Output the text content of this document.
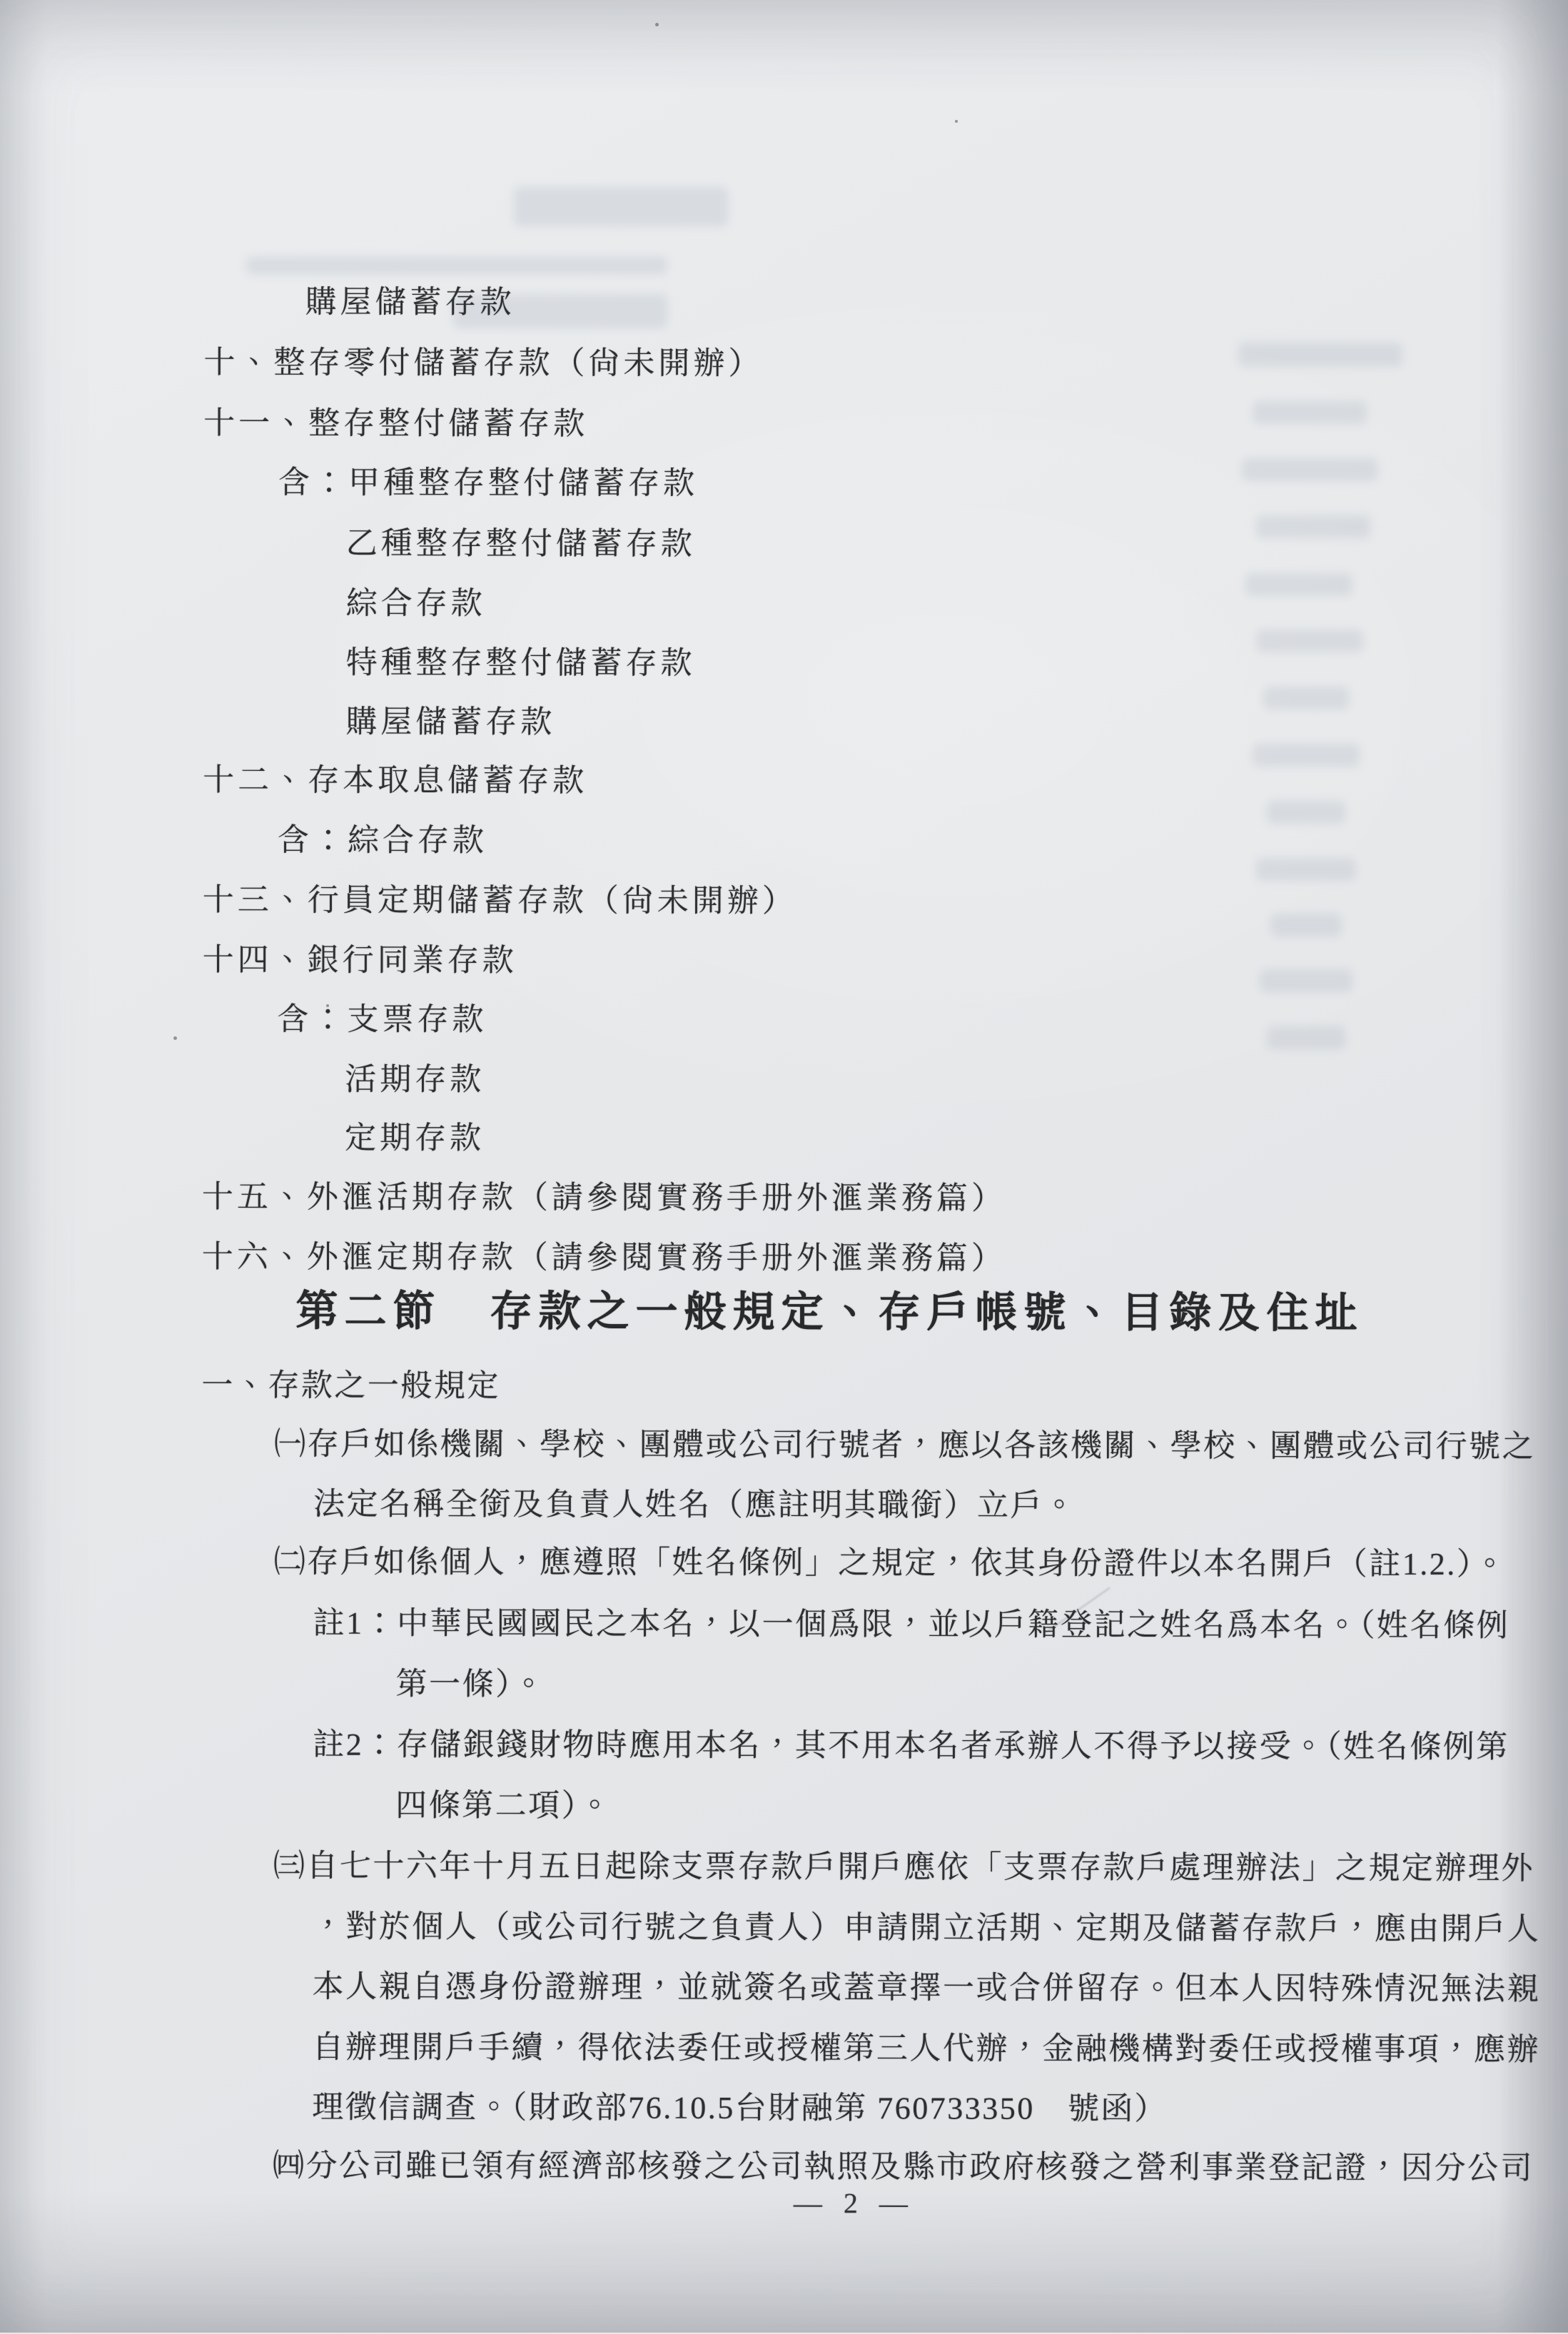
購屋儲蓄存款
十、整存零付儲蓄存款（尙未開辦）
十一、整存整付儲蓄存款
含：甲種整存整付儲蓄存款
乙種整存整付儲蓄存款
綜合存款
特種整存整付儲蓄存款
購屋儲蓄存款
十二、存本取息儲蓄存款
含：綜合存款
十三、行員定期儲蓄存款（尙未開辦）
十四、銀行同業存款
含：支票存款
活期存款
定期存款
十五、外滙活期存款（請參閱實務手册外滙業務篇）
十六、外滙定期存款（請參閱實務手册外滙業務篇）
第二節　存款之一般規定、存戶帳號、目錄及住址
一、存款之一般規定
㈠存戶如係機關、學校、團體或公司行號者，應以各該機關、學校、團體或公司行號之
法定名稱全銜及負責人姓名（應註明其職銜）立戶。
㈡存戶如係個人，應遵照「姓名條例」之規定，依其身份證件以本名開戶（註1.2.）。
註1：中華民國國民之本名，以一個爲限，並以戶籍登記之姓名爲本名。（姓名條例
第一條）。
註2：存儲銀錢財物時應用本名，其不用本名者承辦人不得予以接受。（姓名條例第
四條第二項）。
㈢自七十六年十月五日起除支票存款戶開戶應依「支票存款戶處理辦法」之規定辦理外
，對於個人（或公司行號之負責人）申請開立活期、定期及儲蓄存款戶，應由開戶人
本人親自憑身份證辦理，並就簽名或蓋章擇一或合併留存。但本人因特殊情況無法親
自辦理開戶手續，得依法委任或授權第三人代辦，金融機構對委任或授權事項，應辦
理徵信調查。（財政部76.10.5台財融第 760733350　號函）
㈣分公司雖已領有經濟部核發之公司執照及縣市政府核發之營利事業登記證，因分公司
— 2 —
